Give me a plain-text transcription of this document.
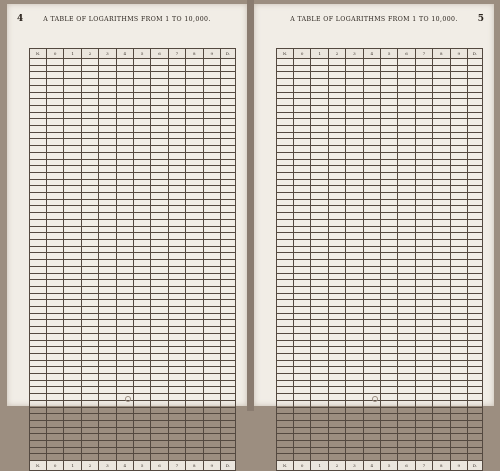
4	A TABLE OF LOGARITHMS FROM 1 TO 10,000.
N.	0	1	2	3	4	5	6	7	8	9	D.

N.	0	1	2	3	4	5	6	7	8	9	D.
A TABLE OF LOGARITHMS FROM 1 TO 10,000.	5
N.	0	1	2	3	4	5	6	7	8	9	D.

N.	0	1	2	3	4	5	6	7	8	9	D.
